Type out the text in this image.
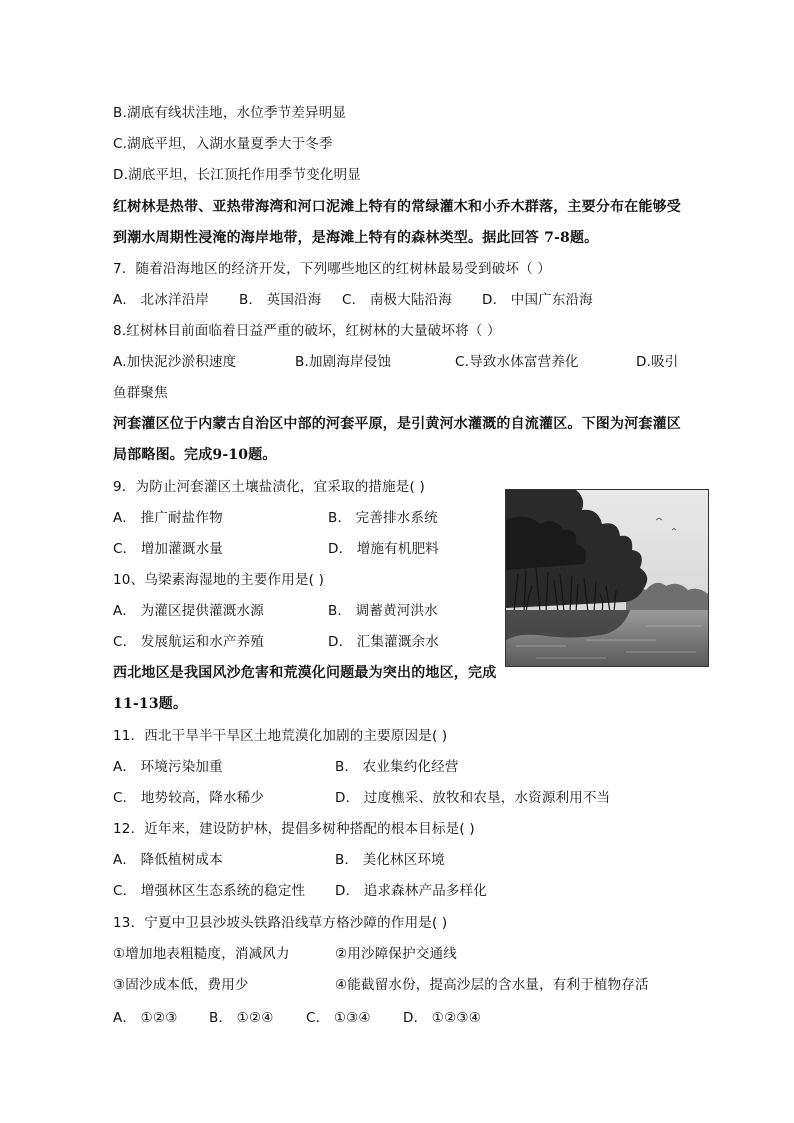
B.湖底有线状洼地，水位季节差异明显
C.湖底平坦，入湖水量夏季大于冬季
D.湖底平坦，长江顶托作用季节变化明显
红树林是热带、亚热带海湾和河口泥滩上特有的常绿灌木和小乔木群落，主要分布在能够受
到潮水周期性浸淹的海岸地带，是海滩上特有的森林类型。据此回答 7-8题。
7．随着沿海地区的经济开发，下列哪些地区的红树林最易受到破坏（ ）
A． 北冰洋沿岸 B． 英国沿海 C． 南极大陆沿海 D． 中国广东沿海
8.红树林目前面临着日益严重的破坏，红树林的大量破坏将（ ）
A.加快泥沙淤积速度	B.加剧海岸侵蚀	C.导致水体富营养化	D.吸引
鱼群聚焦
河套灌区位于内蒙古自治区中部的河套平原，是引黄河水灌溉的自流灌区。下图为河套灌区
局部略图。完成9-10题。
9．为防止河套灌区土壤盐渍化，宜采取的措施是( )
A． 推广耐盐作物	B． 完善排水系统
C． 增加灌溉水量	D． 增施有机肥料
10、乌梁素海湿地的主要作用是( )
A． 为灌区提供灌溉水源	B． 调蓄黄河洪水
C． 发展航运和水产养殖	D． 汇集灌溉余水
西北地区是我国风沙危害和荒漠化问题最为突出的地区，完成
11-13题。
11．西北干旱半干旱区土地荒漠化加剧的主要原因是( )
A． 环境污染加重	B． 农业集约化经营
C． 地势较高，降水稀少	D． 过度樵采、放牧和农垦，水资源利用不当
12．近年来，建设防护林，提倡多树种搭配的根本目标是( )
A． 降低植树成本	B． 美化林区环境
C． 增强林区生态系统的稳定性 D． 追求森林产品多样化
13．宁夏中卫县沙坡头铁路沿线草方格沙障的作用是( )
①增加地表粗糙度，消减风力	②用沙障保护交通线
③固沙成本低，费用少	④能截留水份，提高沙层的含水量，有利于植物存活
A． ①②③ B． ①②④ C． ①③④ D． ①②③④
